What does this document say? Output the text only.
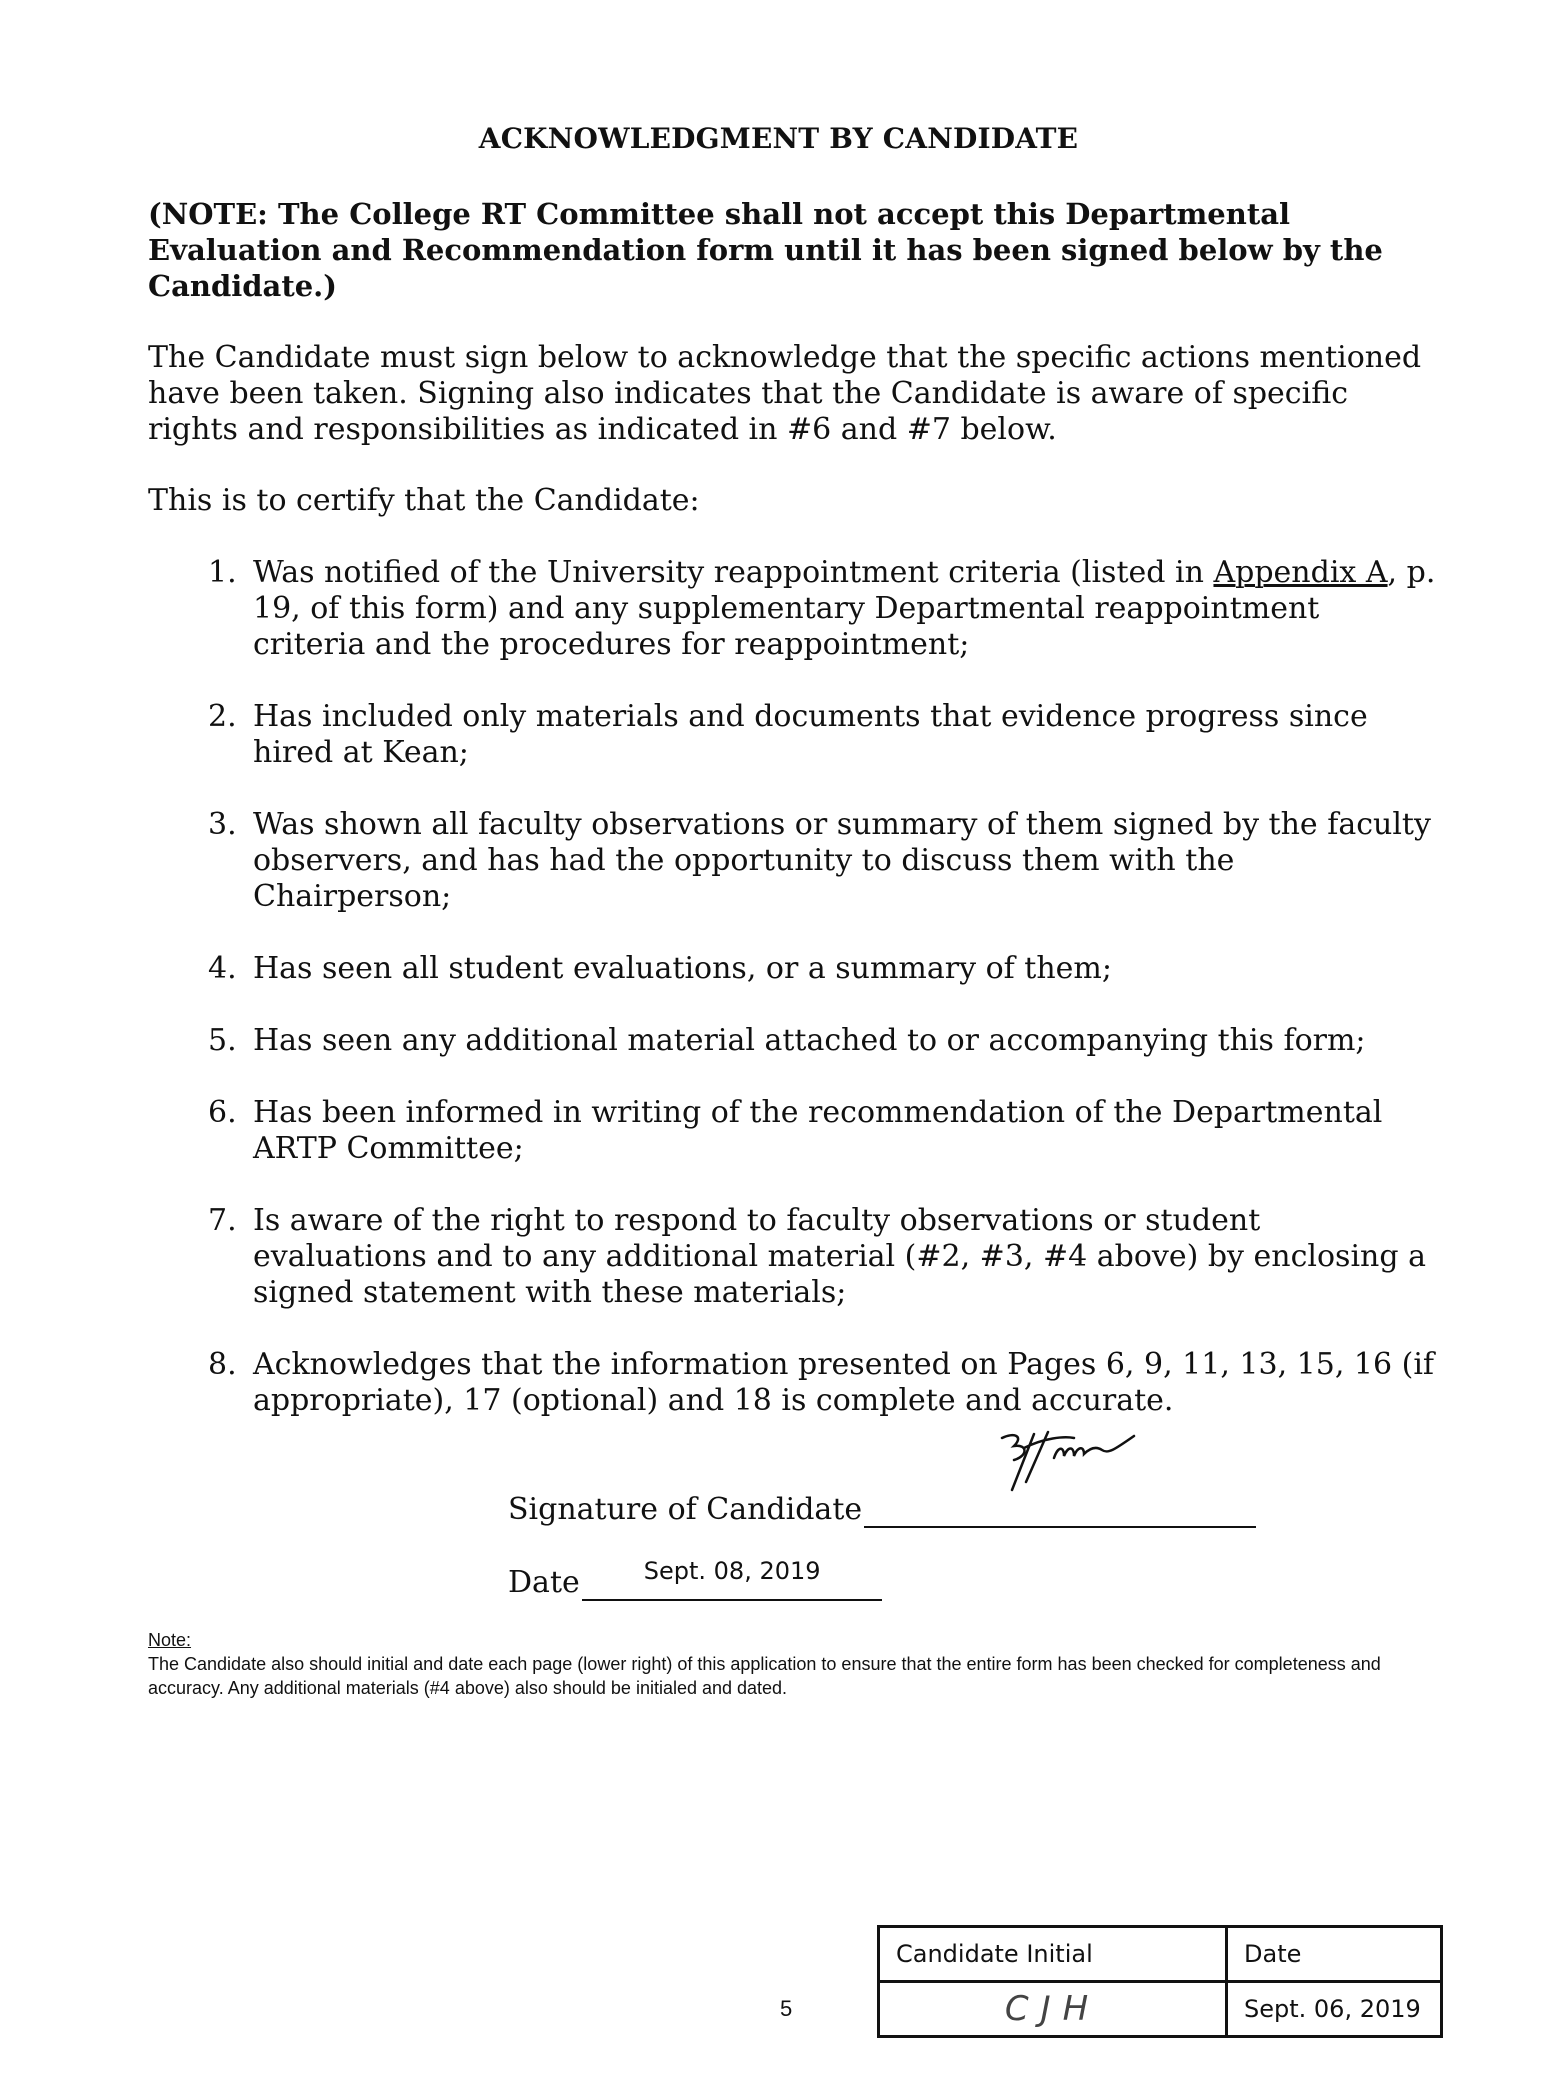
ACKNOWLEDGMENT BY CANDIDATE
(NOTE: The College RT Committee shall not accept this Departmental Evaluation and Recommendation form until it has been signed below by the Candidate.)
The Candidate must sign below to acknowledge that the specific actions mentioned have been taken. Signing also indicates that the Candidate is aware of specific rights and responsibilities as indicated in #6 and #7 below.
This is to certify that the Candidate:
1. Was notified of the University reappointment criteria (listed in Appendix A, p. 19, of this form) and any supplementary Departmental reappointment criteria and the procedures for reappointment;
2. Has included only materials and documents that evidence progress since hired at Kean;
3. Was shown all faculty observations or summary of them signed by the faculty observers, and has had the opportunity to discuss them with the Chairperson;
4. Has seen all student evaluations, or a summary of them;
5. Has seen any additional material attached to or accompanying this form;
6. Has been informed in writing of the recommendation of the Departmental ARTP Committee;
7. Is aware of the right to respond to faculty observations or student evaluations and to any additional material (#2, #3, #4 above) by enclosing a signed statement with these materials;
8. Acknowledges that the information presented on Pages 6, 9, 11, 13, 15, 16 (if appropriate), 17 (optional) and 18 is complete and accurate.
Signature of Candidate
Date	Sept. 08, 2019
Note:
The Candidate also should initial and date each page (lower right) of this application to ensure that the entire form has been checked for completeness and accuracy. Any additional materials (#4 above) also should be initialed and dated.
5
Candidate Initial	Date

CJH	Sept. 06, 2019
